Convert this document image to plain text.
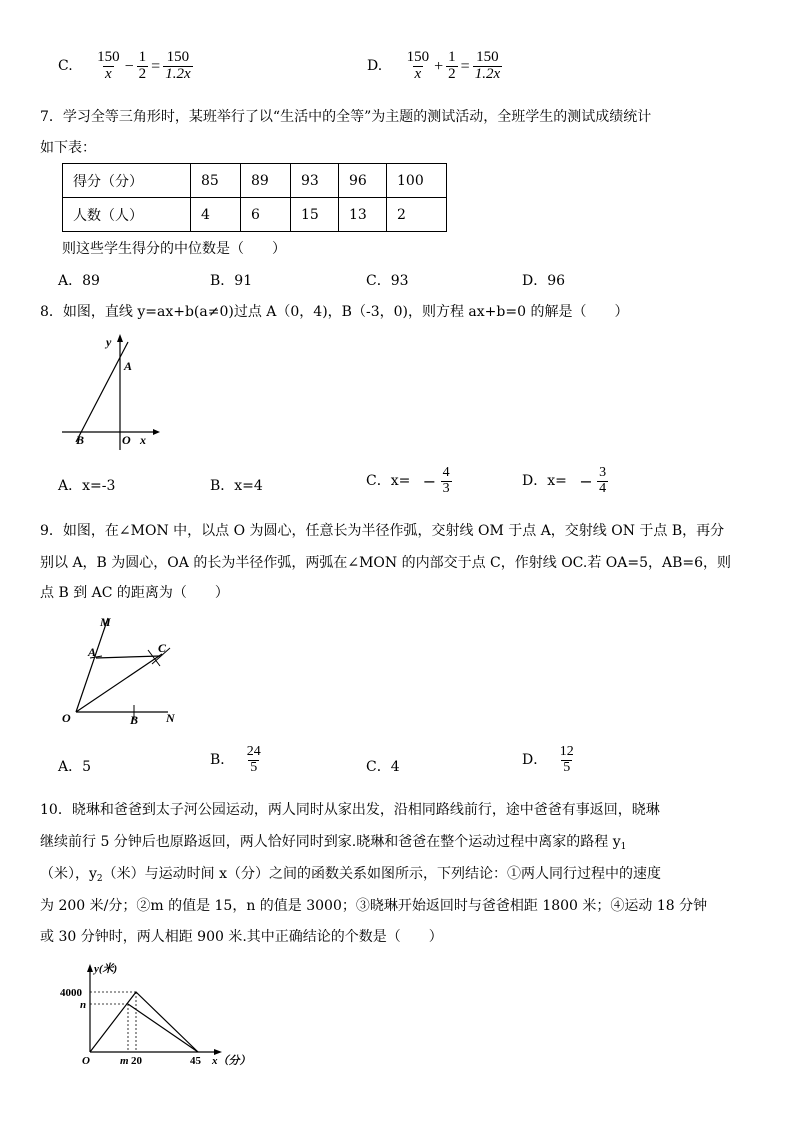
C. $\frac{150}{x} - \frac{1}{2} = \frac{150}{1.2x}$	D. $\frac{150}{x} + \frac{1}{2} = \frac{150}{1.2x}$
7．学习全等三角形时，某班举行了以“生活中的全等”为主题的测试活动，全班学生的测试成绩统计
如下表：
得分（分）	85	89	93	96	100
人数（人）	4	6	15	13	2
则这些学生得分的中位数是（　　）
A．89	B．91	C．93	D．96
8．如图，直线 y=ax+b(a≠0)过点 A（0，4)，B（-3，0)，则方程 ax+b=0 的解是（　　）
y
A
B	O x
A．x=-3	B．x=4	C．$x= - \frac{4}{3}$	D．$x= - \frac{3}{4}$
9．如图，在∠MON 中，以点 O 为圆心，任意长为半径作弧，交射线 OM 于点 A，交射线 ON 于点 B，再分
别以 A，B 为圆心，OA 的长为半径作弧，两弧在∠MON 的内部交于点 C，作射线 OC.若 OA=5，AB=6，则
点 B 到 AC 的距离为（　　）
M
A	C
O	B N
A．5	B． $\frac{24}{5}$	C．4	D． $\frac{12}{5}$
10．晓琳和爸爸到太子河公园运动，两人同时从家出发，沿相同路线前行，途中爸爸有事返回，晓琳
继续前行 5 分钟后也原路返回，两人恰好同时到家.晓琳和爸爸在整个运动过程中离家的路程 $y_1$
（米），$y_2$（米）与运动时间 x（分）之间的函数关系如图所示，下列结论：①两人同行过程中的速度
为 200 米/分；②m 的值是 15，n 的值是 3000；③晓琳开始返回时与爸爸相距 1800 米；④运动 18 分钟
或 30 分钟时，两人相距 900 米.其中正确结论的个数是（　　）
y(米)
4000
n
O	m 20	45 x（分）
